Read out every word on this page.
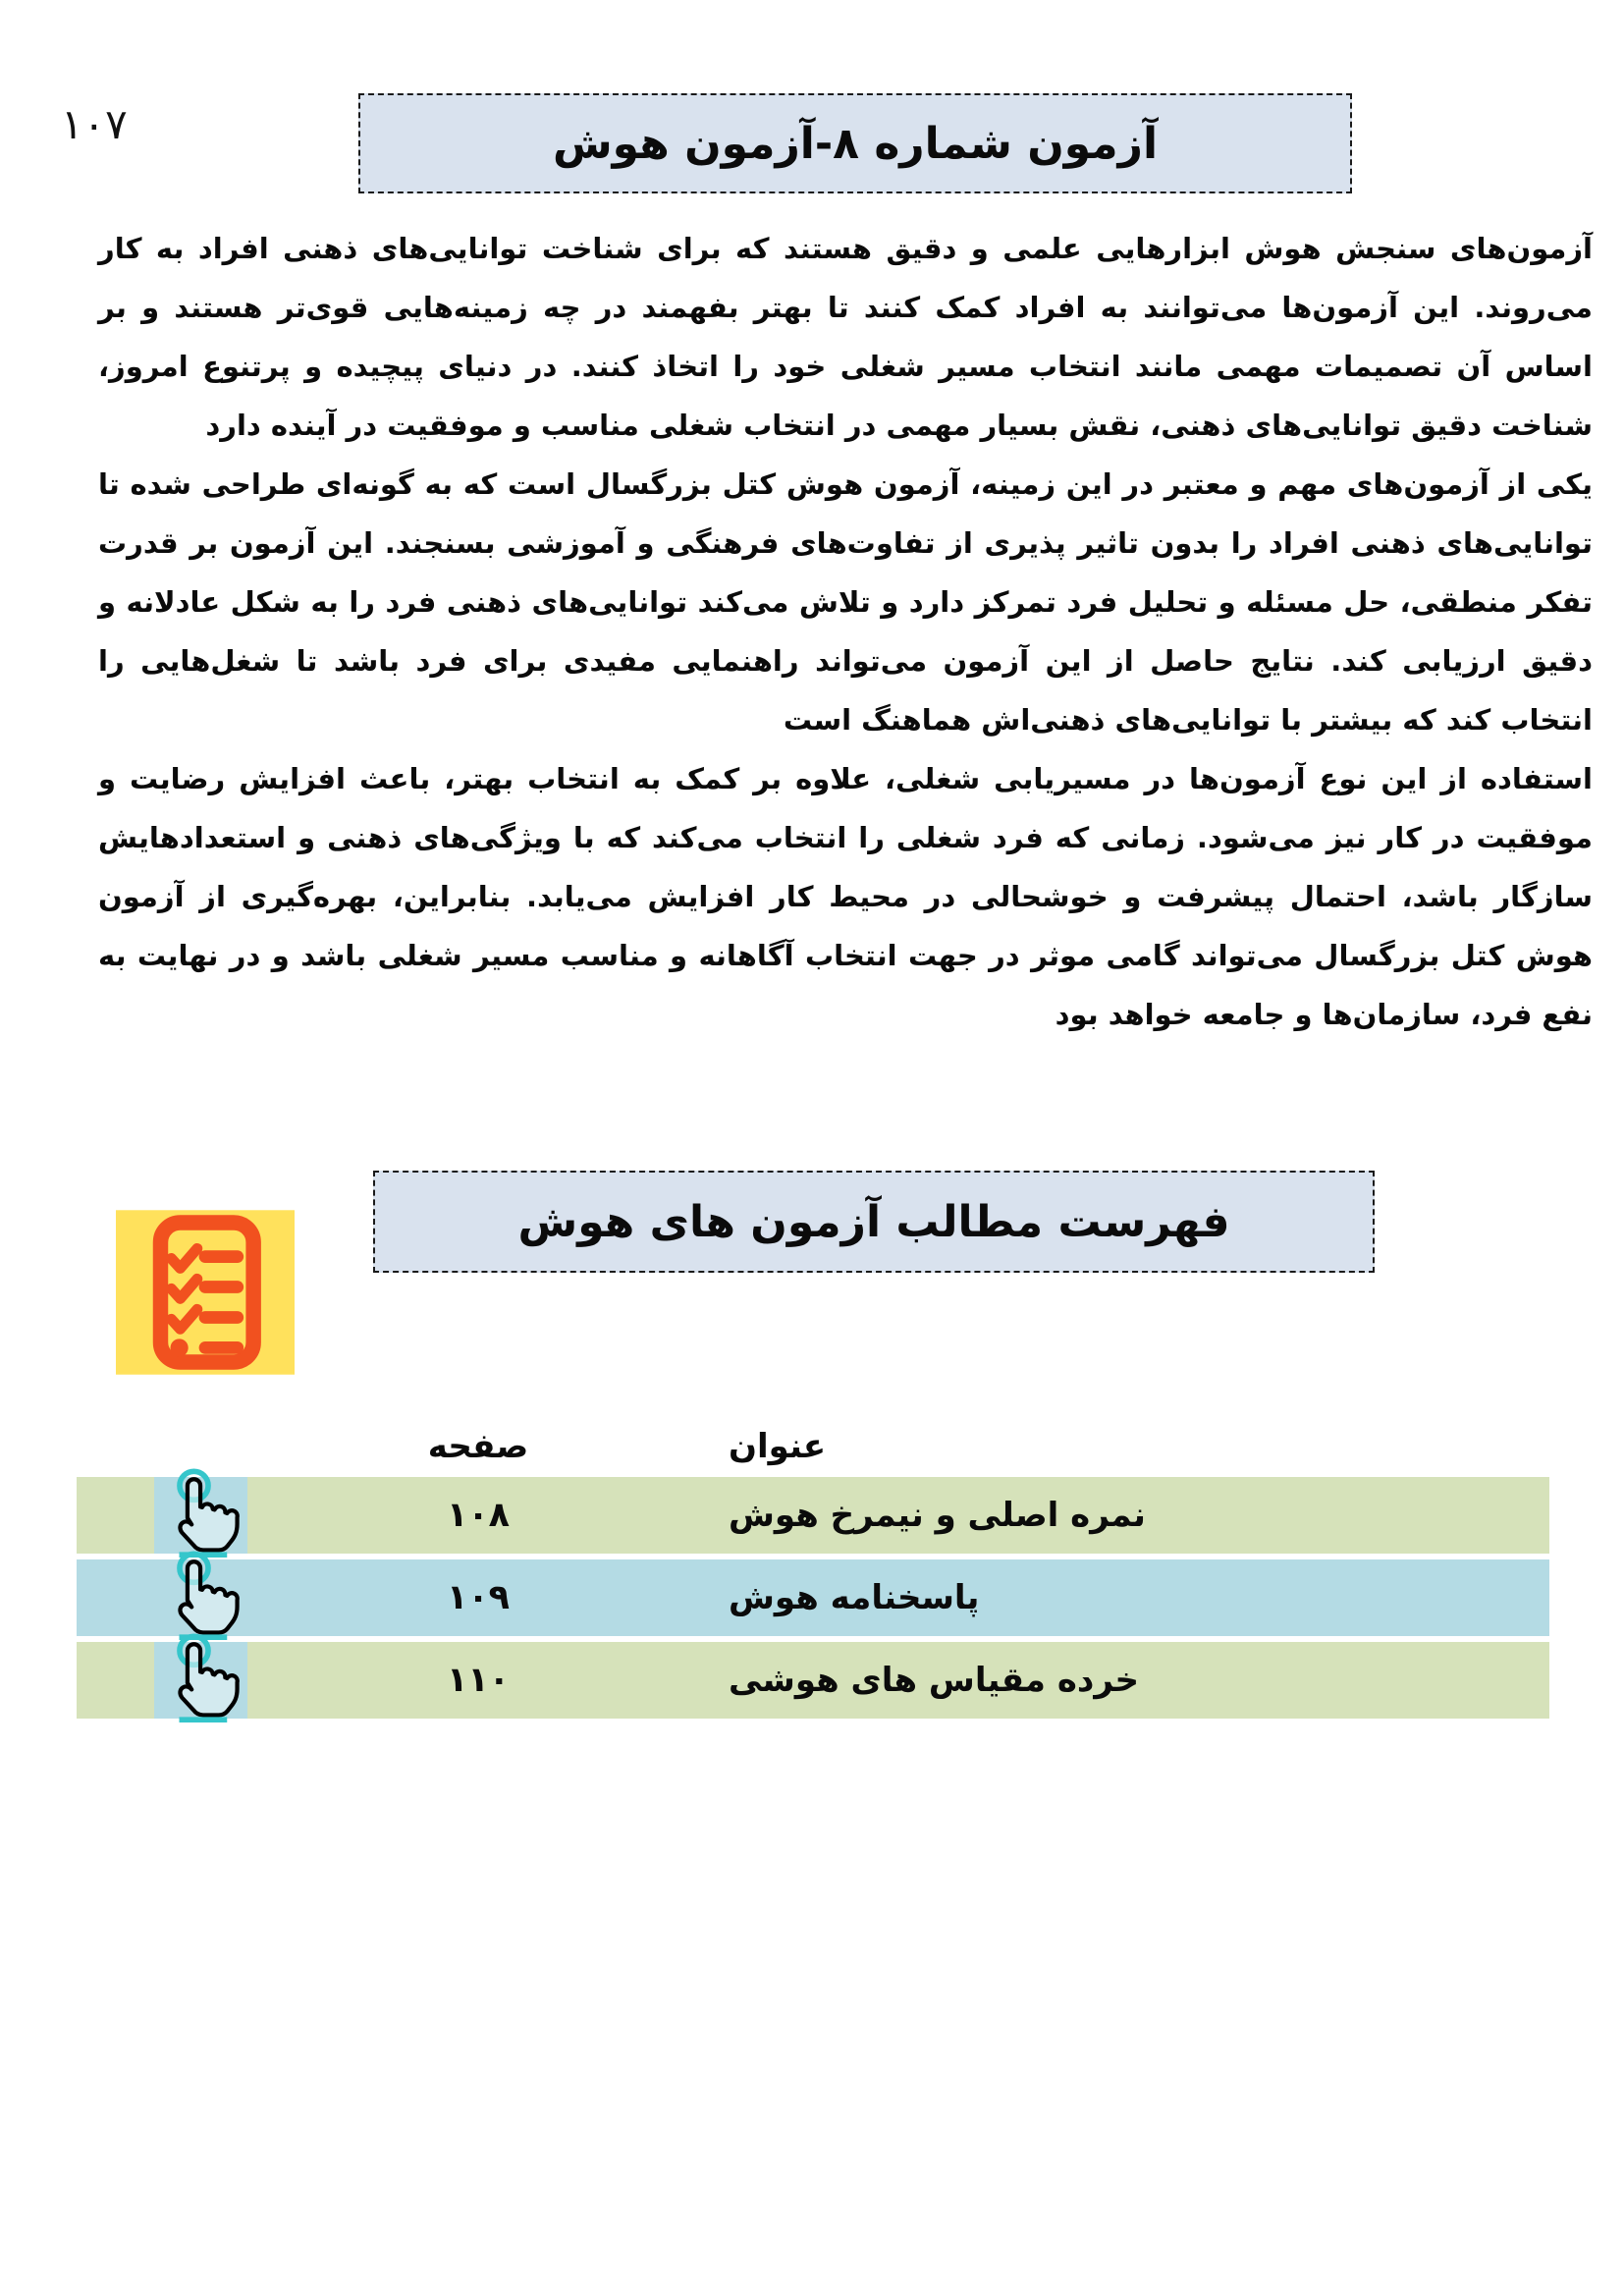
۱۰۷	آزمون شماره ۸-آزمون هوش

آزمون‌های سنجش هوش ابزارهایی علمی و دقیق هستند که برای شناخت توانایی‌های ذهنی افراد به کار می‌روند. این آزمون‌ها می‌توانند به افراد کمک کنند تا بهتر بفهمند در چه زمینه‌هایی قوی‌تر هستند و بر اساس آن تصمیمات مهمی مانند انتخاب مسیر شغلی خود را اتخاذ کنند. در دنیای پیچیده و پرتنوع امروز، شناخت دقیق توانایی‌های ذهنی، نقش بسیار مهمی در انتخاب شغلی مناسب و موفقیت در آینده دارد

یکی از آزمون‌های مهم و معتبر در این زمینه، آزمون هوش کتل بزرگسال است که به گونه‌ای طراحی شده تا توانایی‌های ذهنی افراد را بدون تاثیر پذیری از تفاوت‌های فرهنگی و آموزشی بسنجند. این آزمون بر قدرت تفکر منطقی، حل مسئله و تحلیل فرد تمرکز دارد و تلاش می‌کند توانایی‌های ذهنی فرد را به شکل عادلانه و دقیق ارزیابی کند. نتایج حاصل از این آزمون می‌تواند راهنمایی مفیدی برای فرد باشد تا شغل‌هایی را انتخاب کند که بیشتر با توانایی‌های ذهنی‌اش هماهنگ است

استفاده از این نوع آزمون‌ها در مسیریابی شغلی، علاوه بر کمک به انتخاب بهتر، باعث افزایش رضایت و موفقیت در کار نیز می‌شود. زمانی که فرد شغلی را انتخاب می‌کند که با ویژگی‌های ذهنی و استعدادهایش سازگار باشد، احتمال پیشرفت و خوشحالی در محیط کار افزایش می‌یابد. بنابراین، بهره‌گیری از آزمون هوش کتل بزرگسال می‌تواند گامی موثر در جهت انتخاب آگاهانه و مناسب مسیر شغلی باشد و در نهایت به نفع فرد، سازمان‌ها و جامعه خواهد بود

فهرست مطالب آزمون های هوش
صفحه	عنوان
۱۰۸	نمره اصلی و نیمرخ هوش
۱۰۹	پاسخنامه هوش
۱۱۰	خرده مقیاس های هوشی
